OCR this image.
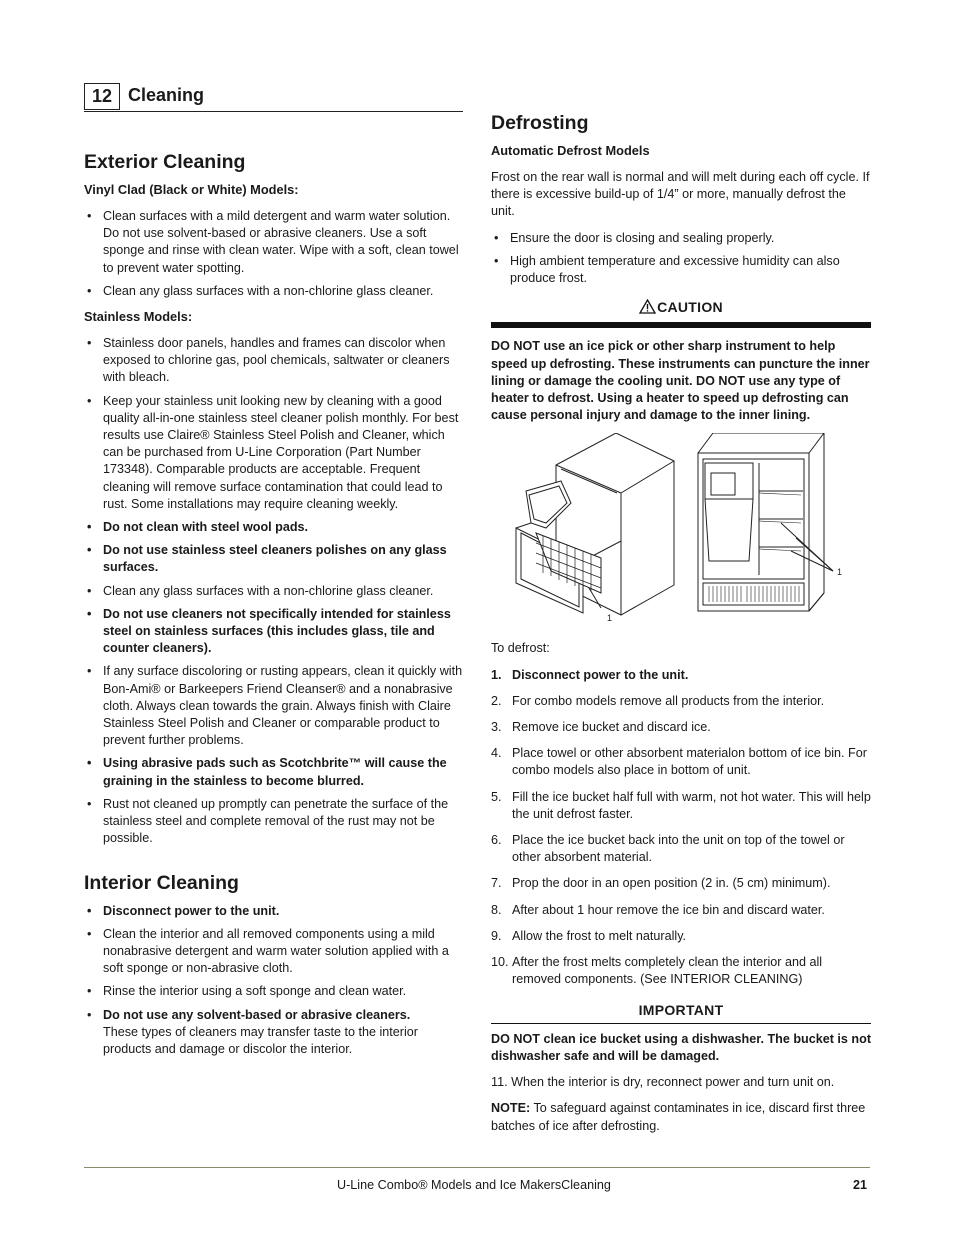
12 Cleaning
Exterior Cleaning
Vinyl Clad (Black or White) Models:
• Clean surfaces with a mild detergent and warm water solution. Do not use solvent-based or abrasive cleaners. Use a soft sponge and rinse with clean water. Wipe with a soft, clean towel to prevent water spotting.
• Clean any glass surfaces with a non-chlorine glass cleaner.
Stainless Models:
• Stainless door panels, handles and frames can discolor when exposed to chlorine gas, pool chemicals, saltwater or cleaners with bleach.
• Keep your stainless unit looking new by cleaning with a good quality all-in-one stainless steel cleaner polish monthly. For best results use Claire® Stainless Steel Polish and Cleaner, which can be purchased from U-Line Corporation (Part Number 173348). Comparable products are acceptable. Frequent cleaning will remove surface contamination that could lead to rust. Some installations may require cleaning weekly.
• Do not clean with steel wool pads.
• Do not use stainless steel cleaners polishes on any glass surfaces.
• Clean any glass surfaces with a non-chlorine glass cleaner.
• Do not use cleaners not specifically intended for stainless steel on stainless surfaces (this includes glass, tile and counter cleaners).
• If any surface discoloring or rusting appears, clean it quickly with Bon-Ami® or Barkeepers Friend Cleanser® and a nonabrasive cloth. Always clean towards the grain. Always finish with Claire Stainless Steel Polish and Cleaner or comparable product to prevent further problems.
• Using abrasive pads such as Scotchbrite™ will cause the graining in the stainless to become blurred.
• Rust not cleaned up promptly can penetrate the surface of the stainless steel and complete removal of the rust may not be possible.
Interior Cleaning
• Disconnect power to the unit.
• Clean the interior and all removed components using a mild nonabrasive detergent and warm water solution applied with a soft sponge or non-abrasive cloth.
• Rinse the interior using a soft sponge and clean water.
• Do not use any solvent-based or abrasive cleaners.
These types of cleaners may transfer taste to the interior products and damage or discolor the interior.
Defrosting
Automatic Defrost Models

Frost on the rear wall is normal and will melt during each off cycle. If there is excessive build-up of 1/4” or more, manually defrost the unit.

• Ensure the door is closing and sealing properly.
• High ambient temperature and excessive humidity can also produce frost.
CAUTION

DO NOT use an ice pick or other sharp instrument to help speed up defrosting. These instruments can puncture the inner lining or damage the cooling unit. DO NOT use any type of heater to defrost. Using a heater to speed up defrosting can cause personal injury and damage to the inner lining.

1
1

To defrost:

1. Disconnect power to the unit.
2. For combo models remove all products from the interior.
3. Remove ice bucket and discard ice.
4. Place towel or other absorbent materialon bottom of ice bin. For combo models also place in bottom of unit.
5. Fill the ice bucket half full with warm, not hot water. This will help the unit defrost faster.
6. Place the ice bucket back into the unit on top of the towel or other absorbent material.
7. Prop the door in an open position (2 in. (5 cm) minimum).
8. After about 1 hour remove the ice bin and discard water.
9. Allow the frost to melt naturally.
10. After the frost melts completely clean the interior and all removed components. (See INTERIOR CLEANING)
IMPORTANT

DO NOT clean ice bucket using a dishwasher. The bucket is not dishwasher safe and will be damaged.

11. When the interior is dry, reconnect power and turn unit on.

NOTE: To safeguard against contaminates in ice, discard first three batches of ice after defrosting.

U-Line Combo® Models and Ice MakersCleaning	21
